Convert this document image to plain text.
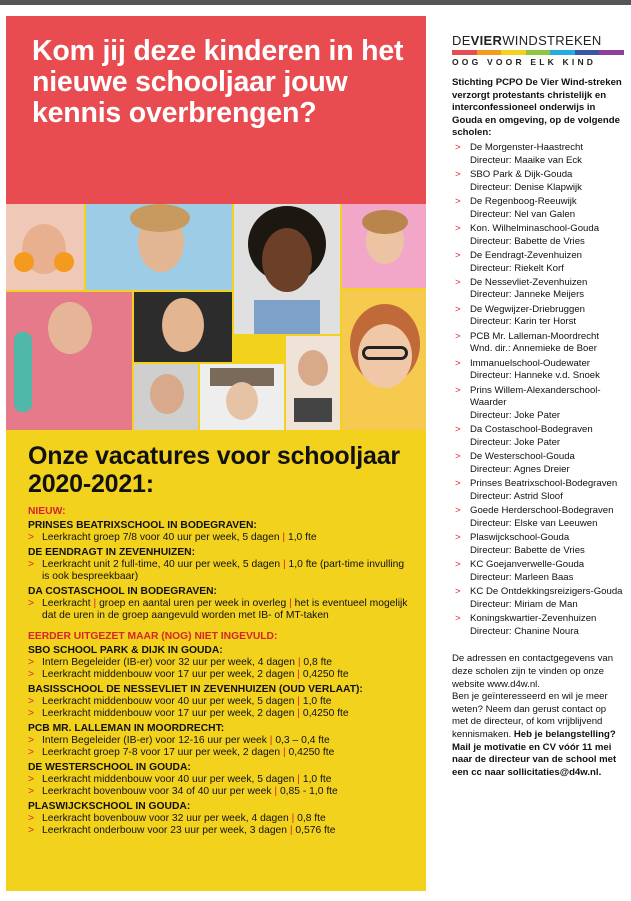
Kom jij deze kinderen in het nieuwe schooljaar jouw kennis overbrengen?
Onze vacatures voor schooljaar 2020-2021:
NIEUW:
PRINSES BEATRIXSCHOOL IN BODEGRAVEN:
> Leerkracht groep 7/8 voor 40 uur per week, 5 dagen | 1,0 fte
DE EENDRAGT IN ZEVENHUIZEN:
> Leerkracht unit 2 full-time, 40 uur per week, 5 dagen | 1,0 fte (part-time invulling is ook bespreekbaar)
DA COSTASCHOOL IN BODEGRAVEN:
> Leerkracht | groep en aantal uren per week in overleg | het is eventueel mogelijk dat de uren in de groep aangevuld worden met IB- of MT-taken
EERDER UITGEZET MAAR (NOG) NIET INGEVULD:
SBO SCHOOL PARK & DIJK IN GOUDA:
> Intern Begeleider (IB-er) voor 32 uur per week, 4 dagen | 0,8 fte
> Leerkracht middenbouw voor 17 uur per week, 2 dagen | 0,4250 fte
BASISSCHOOL DE NESSEVLIET IN ZEVENHUIZEN (OUD VERLAAT):
> Leerkracht middenbouw voor 40 uur per week, 5 dagen | 1,0 fte
> Leerkracht middenbouw voor 17 uur per week, 2 dagen | 0,4250 fte
PCB MR. LALLEMAN IN MOORDRECHT:
> Intern Begeleider (IB-er) voor 12-16 uur per week | 0,3 – 0,4 fte
> Leerkracht groep 7-8 voor 17 uur per week, 2 dagen | 0,4250 fte
DE WESTERSCHOOL IN GOUDA:
> Leerkracht middenbouw voor 40 uur per week, 5 dagen | 1,0 fte
> Leerkracht bovenbouw voor 34 of 40 uur per week | 0,85 - 1,0 fte
PLASWIJCKSCHOOL IN GOUDA:
> Leerkracht bovenbouw voor 32 uur per week, 4 dagen | 0,8 fte
> Leerkracht onderbouw voor 23 uur per week, 3 dagen | 0,576 fte
DEVIERWINDSTREKEN
OOG VOOR ELK KIND
Stichting PCPO De Vier Wind-streken verzorgt protestants christelijk en interconfessioneel onderwijs in Gouda en omgeving, op de volgende scholen:
> De Morgenster-Haastrecht
Directeur: Maaike van Eck
> SBO Park & Dijk-Gouda
Directeur: Denise Klapwijk
> De Regenboog-Reeuwijk
Directeur: Nel van Galen
> Kon. Wilhelminaschool-Gouda
Directeur: Babette de Vries
> De Eendragt-Zevenhuizen
Directeur: Riekelt Korf
> De Nessevliet-Zevenhuizen
Directeur: Janneke Meijers
> De Wegwijzer-Driebruggen
Directeur: Karin ter Horst
> PCB Mr. Lalleman-Moordrecht
Wnd. dir.: Annemieke de Boer
> Immanuelschool-Oudewater
Directeur: Hanneke v.d. Snoek
> Prins Willem-Alexanderschool-Waarder
Directeur: Joke Pater
> Da Costaschool-Bodegraven
Directeur: Joke Pater
> De Westerschool-Gouda
Directeur: Agnes Dreier
> Prinses Beatrixschool-Bodegraven
Directeur: Astrid Sloof
> Goede Herderschool-Bodegraven
Directeur: Elske van Leeuwen
> Plaswijckschool-Gouda
Directeur: Babette de Vries
> KC Goejanverwelle-Gouda
Directeur: Marleen Baas
> KC De Ontdekkingsreizigers-Gouda
Directeur: Miriam de Man
> Koningskwartier-Zevenhuizen
Directeur: Chanine Noura
De adressen en contactgegevens van deze scholen zijn te vinden op onze website www.d4w.nl.
Ben je geïnteresseerd en wil je meer weten? Neem dan gerust contact op met de directeur, of kom vrijblijvend kennismaken. Heb je belangstelling? Mail je motivatie en CV vóór 11 mei naar de directeur van de school met een cc naar sollicitaties@d4w.nl.
